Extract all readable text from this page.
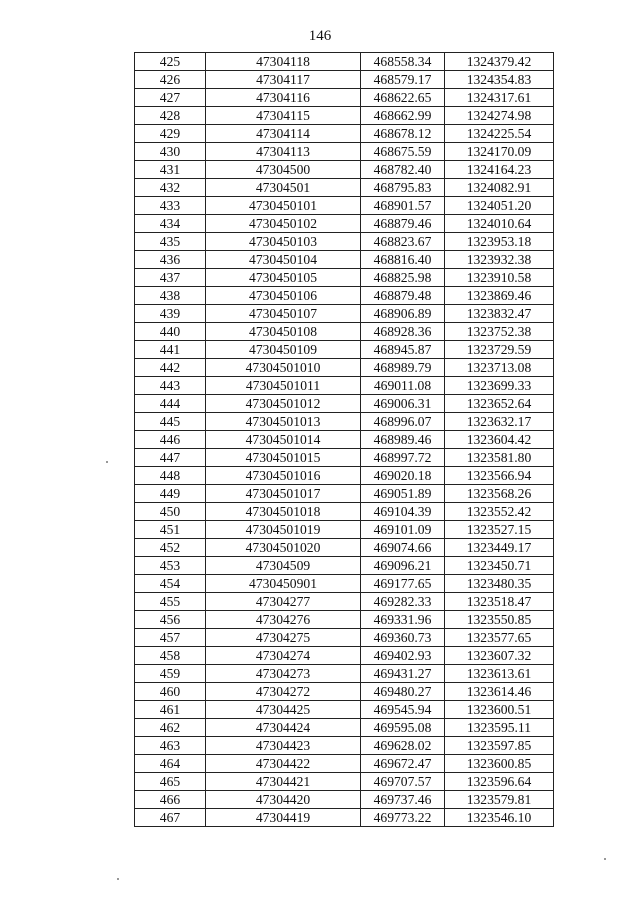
146
425	47304118	468558.34	1324379.42
426	47304117	468579.17	1324354.83
427	47304116	468622.65	1324317.61
428	47304115	468662.99	1324274.98
429	47304114	468678.12	1324225.54
430	47304113	468675.59	1324170.09
431	47304500	468782.40	1324164.23
432	47304501	468795.83	1324082.91
433	4730450101	468901.57	1324051.20
434	4730450102	468879.46	1324010.64
435	4730450103	468823.67	1323953.18
436	4730450104	468816.40	1323932.38
437	4730450105	468825.98	1323910.58
438	4730450106	468879.48	1323869.46
439	4730450107	468906.89	1323832.47
440	4730450108	468928.36	1323752.38
441	4730450109	468945.87	1323729.59
442	47304501010	468989.79	1323713.08
443	47304501011	469011.08	1323699.33
444	47304501012	469006.31	1323652.64
445	47304501013	468996.07	1323632.17
446	47304501014	468989.46	1323604.42
447	47304501015	468997.72	1323581.80
448	47304501016	469020.18	1323566.94
449	47304501017	469051.89	1323568.26
450	47304501018	469104.39	1323552.42
451	47304501019	469101.09	1323527.15
452	47304501020	469074.66	1323449.17
453	47304509	469096.21	1323450.71
454	4730450901	469177.65	1323480.35
455	47304277	469282.33	1323518.47
456	47304276	469331.96	1323550.85
457	47304275	469360.73	1323577.65
458	47304274	469402.93	1323607.32
459	47304273	469431.27	1323613.61
460	47304272	469480.27	1323614.46
461	47304425	469545.94	1323600.51
462	47304424	469595.08	1323595.11
463	47304423	469628.02	1323597.85
464	47304422	469672.47	1323600.85
465	47304421	469707.57	1323596.64
466	47304420	469737.46	1323579.81
467	47304419	469773.22	1323546.10
